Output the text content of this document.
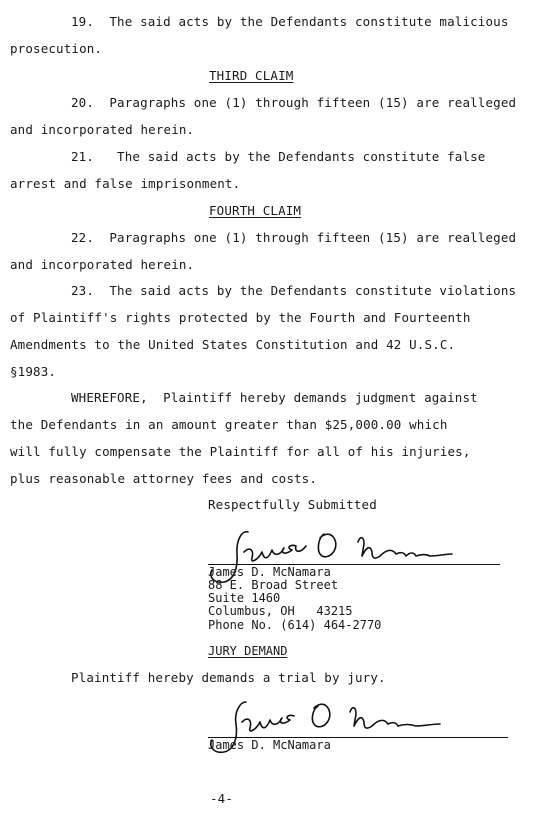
19.  The said acts by the Defendants constitute malicious
prosecution.
THIRD CLAIM
20.  Paragraphs one (1) through fifteen (15) are realleged
and incorporated herein.
21.   The said acts by the Defendants constitute false
arrest and false imprisonment.
FOURTH CLAIM
22.  Paragraphs one (1) through fifteen (15) are realleged
and incorporated herein.
23.  The said acts by the Defendants constitute violations
of Plaintiff's rights protected by the Fourth and Fourteenth
Amendments to the United States Constitution and 42 U.S.C.
§1983.
WHEREFORE,  Plaintiff hereby demands judgment against
the Defendants in an amount greater than $25,000.00 which
will fully compensate the Plaintiff for all of his injuries,
plus reasonable attorney fees and costs.
Respectfully Submitted
James D. McNamara
88 E. Broad Street
Suite 1460
Columbus, OH   43215
Phone No. (614) 464-2770
JURY DEMAND
Plaintiff hereby demands a trial by jury.
James D. McNamara
-4-
